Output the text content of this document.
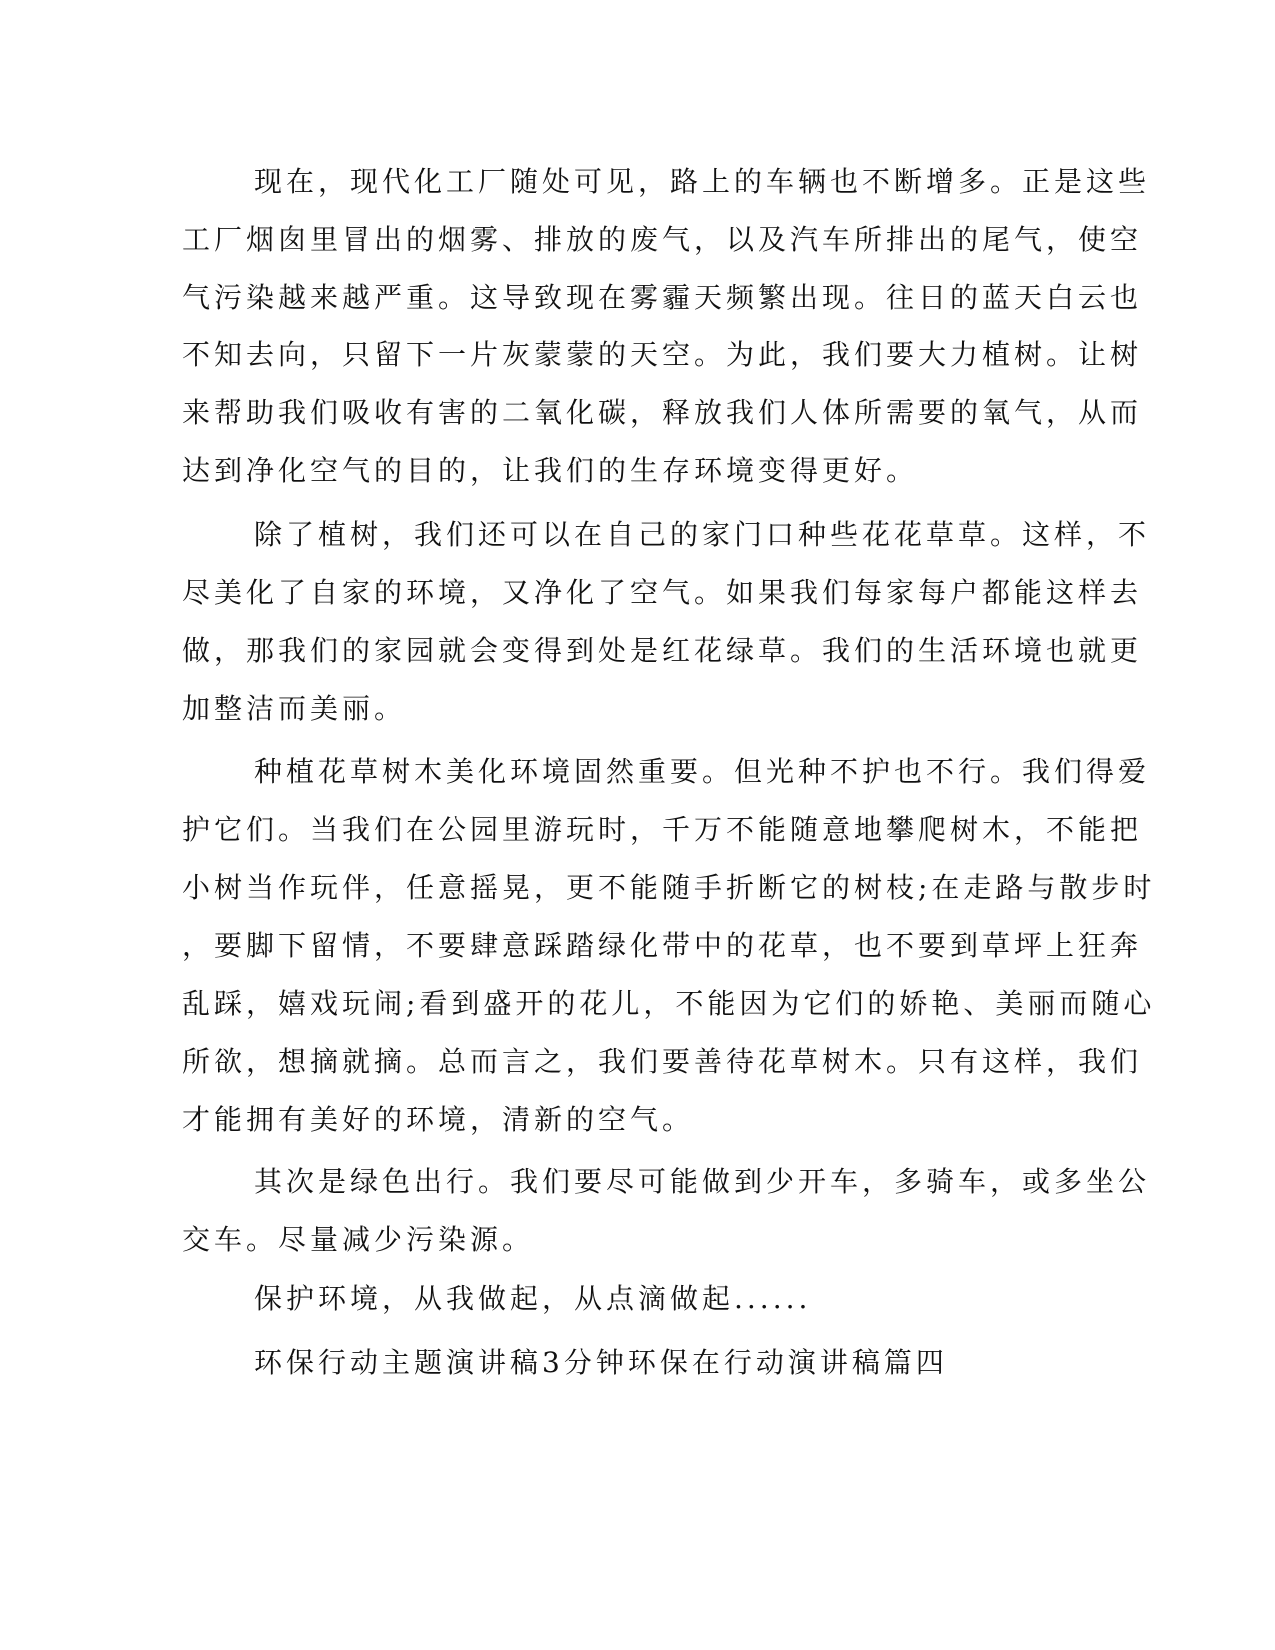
现在，现代化工厂随处可见，路上的车辆也不断增多。正是这些

工厂烟囱里冒出的烟雾、排放的废气，以及汽车所排出的尾气，使空

气污染越来越严重。这导致现在雾霾天频繁出现。往日的蓝天白云也

不知去向，只留下一片灰蒙蒙的天空。为此，我们要大力植树。让树

来帮助我们吸收有害的二氧化碳，释放我们人体所需要的氧气，从而

达到净化空气的目的，让我们的生存环境变得更好。

除了植树，我们还可以在自己的家门口种些花花草草。这样，不

尽美化了自家的环境，又净化了空气。如果我们每家每户都能这样去

做，那我们的家园就会变得到处是红花绿草。我们的生活环境也就更

加整洁而美丽。

种植花草树木美化环境固然重要。但光种不护也不行。我们得爱

护它们。当我们在公园里游玩时，千万不能随意地攀爬树木，不能把

小树当作玩伴，任意摇晃，更不能随手折断它的树枝;在走路与散步时

，要脚下留情，不要肆意踩踏绿化带中的花草，也不要到草坪上狂奔

乱踩，嬉戏玩闹;看到盛开的花儿，不能因为它们的娇艳、美丽而随心

所欲，想摘就摘。总而言之，我们要善待花草树木。只有这样，我们

才能拥有美好的环境，清新的空气。

其次是绿色出行。我们要尽可能做到少开车，多骑车，或多坐公

交车。尽量减少污染源。

保护环境，从我做起，从点滴做起......

环保行动主题演讲稿3分钟环保在行动演讲稿篇四
